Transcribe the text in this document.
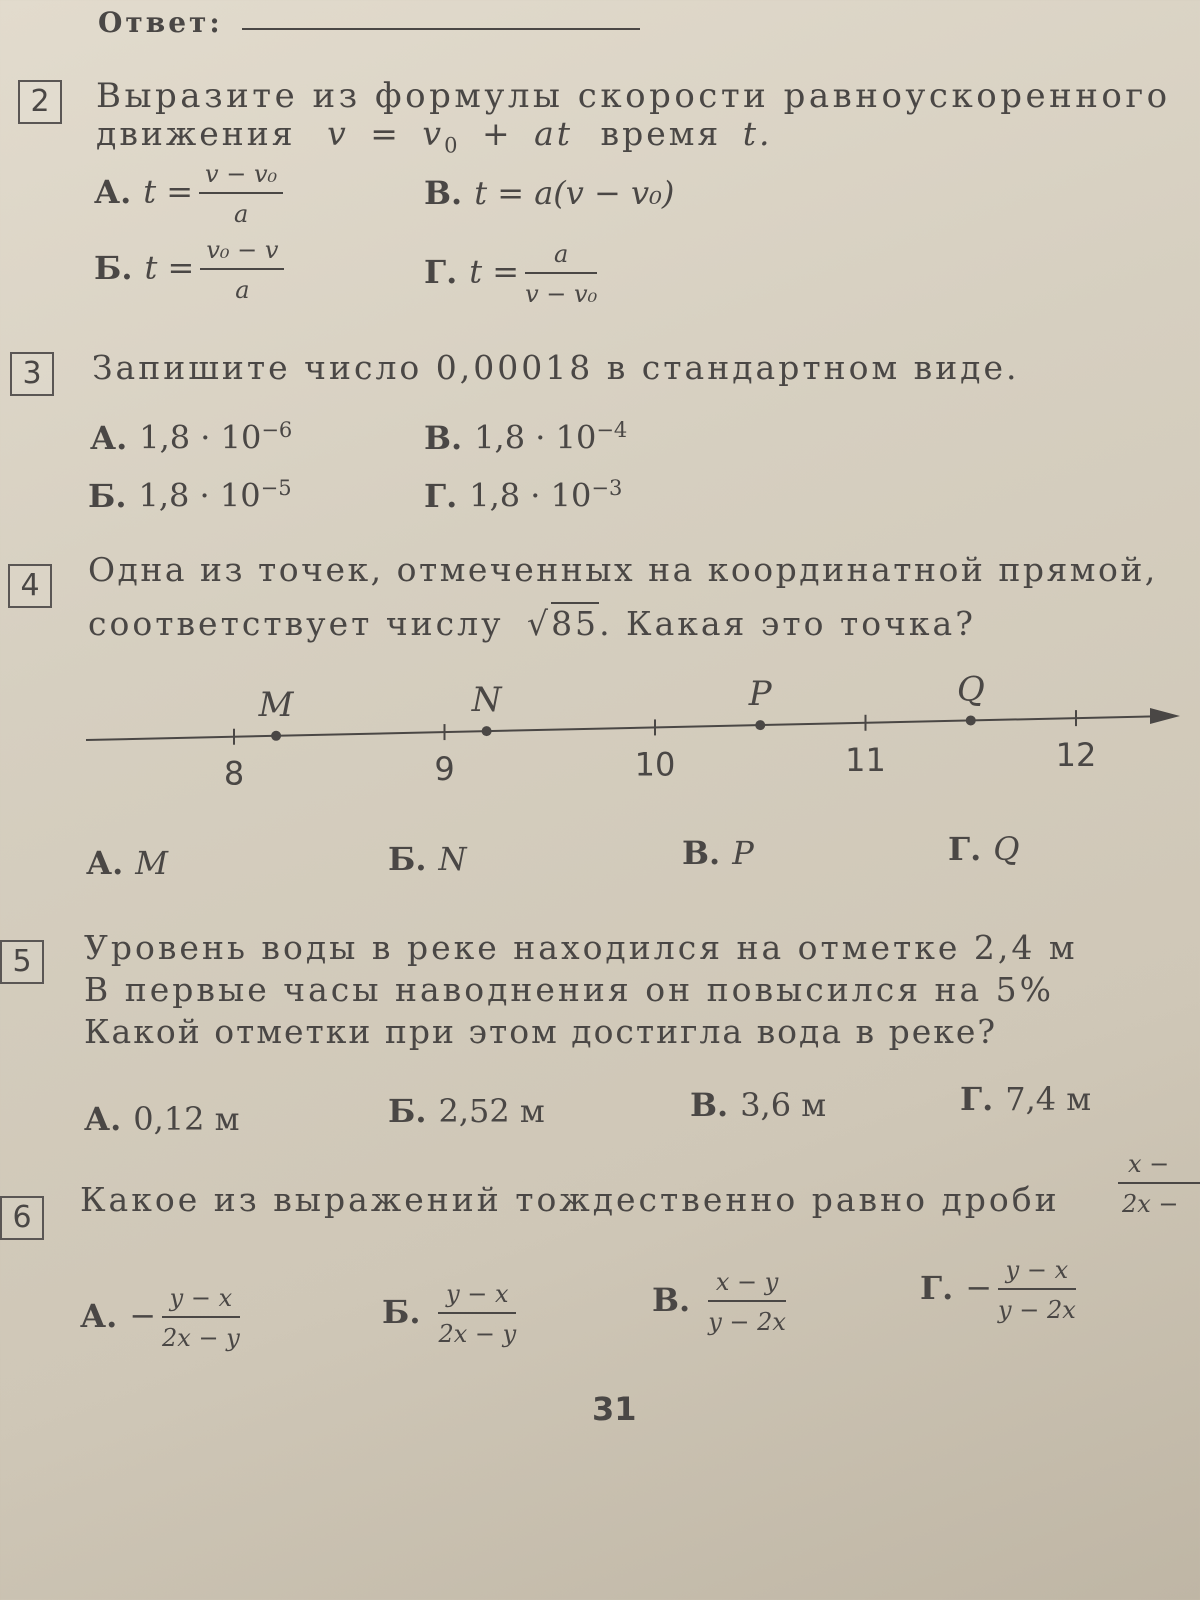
Ответ:
2	Выразите из формулы скорости равноускоренного
движения $v = v_0$ + at время t.
А. $t = \frac{\text{v − v₀}}{a}$	В. t = a(v − v₀)
Б. $t = \frac{\text{v₀ − v}}{a}$	Г. $t = \frac{a}{\text{v − v₀}}$
3	Запишите число 0,00018 в стандартном виде.
А. $1,8 \cdot 10^{-6}$	В. $1,8 \cdot 10^{-4}$
Б. $1,8 \cdot 10^{-5}$	Г. $1,8 \cdot 10^{-3}$
4	Одна из точек, отмеченных на координатной прямой,
соответствует числу √85. Какая это точка?
8	9	10	11	12
M	N	P	Q
А. M	Б. N	В. P	Г. Q
5	Уровень воды в реке находился на отметке 2,4 м
В первые часы наводнения он повысился на 5%
Какой отметки при этом достигла вода в реке?
А. 0,12 м	Б. 2,52 м	В. 3,6 м	Г. 7,4 м
6	Какое из выражений тождественно равно дроби $\frac{x -}{2x -}$
А. − $\frac{y - x}{2x - y}$	Б. $\frac{y - x}{2x - y}$	В. $\frac{x - y}{y - 2x}$	Г. − $\frac{y - x}{y - 2x}$
31
